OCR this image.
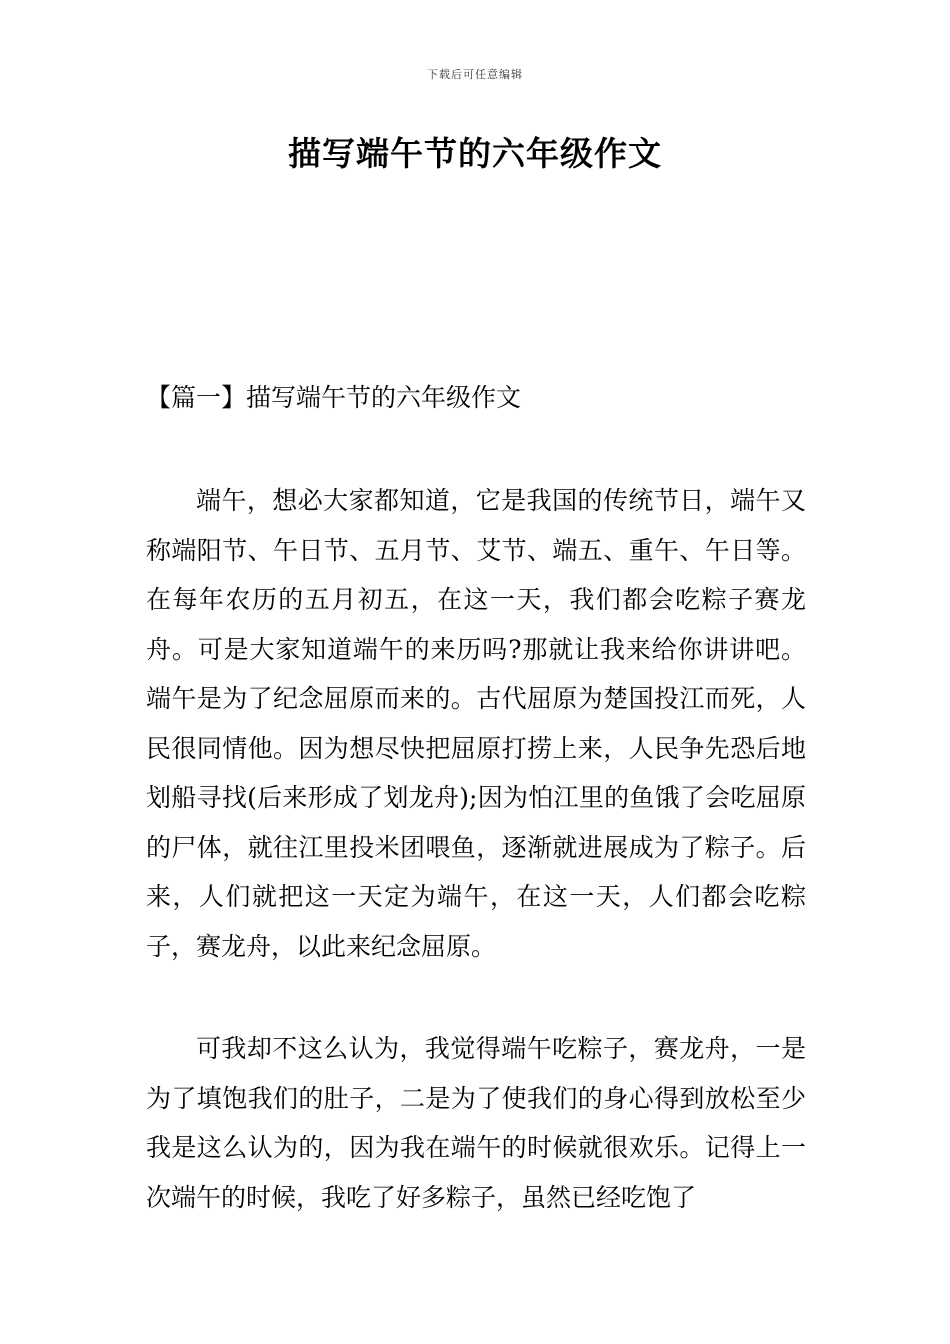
下载后可任意编辑
描写端午节的六年级作文
【篇一】描写端午节的六年级作文

端午，想必大家都知道，它是我国的传统节日，端午又称端阳节、午日节、五月节、艾节、端五、重午、午日等。在每年农历的五月初五，在这一天，我们都会吃粽子赛龙舟。可是大家知道端午的来历吗?那就让我来给你讲讲吧。端午是为了纪念屈原而来的。古代屈原为楚国投江而死，人民很同情他。因为想尽快把屈原打捞上来，人民争先恐后地划船寻找(后来形成了划龙舟);因为怕江里的鱼饿了会吃屈原的尸体，就往江里投米团喂鱼，逐渐就进展成为了粽子。后来，人们就把这一天定为端午，在这一天，人们都会吃粽子，赛龙舟，以此来纪念屈原。

可我却不这么认为，我觉得端午吃粽子，赛龙舟，一是为了填饱我们的肚子，二是为了使我们的身心得到放松至少我是这么认为的，因为我在端午的时候就很欢乐。记得上一次端午的时候，我吃了好多粽子，虽然已经吃饱了
